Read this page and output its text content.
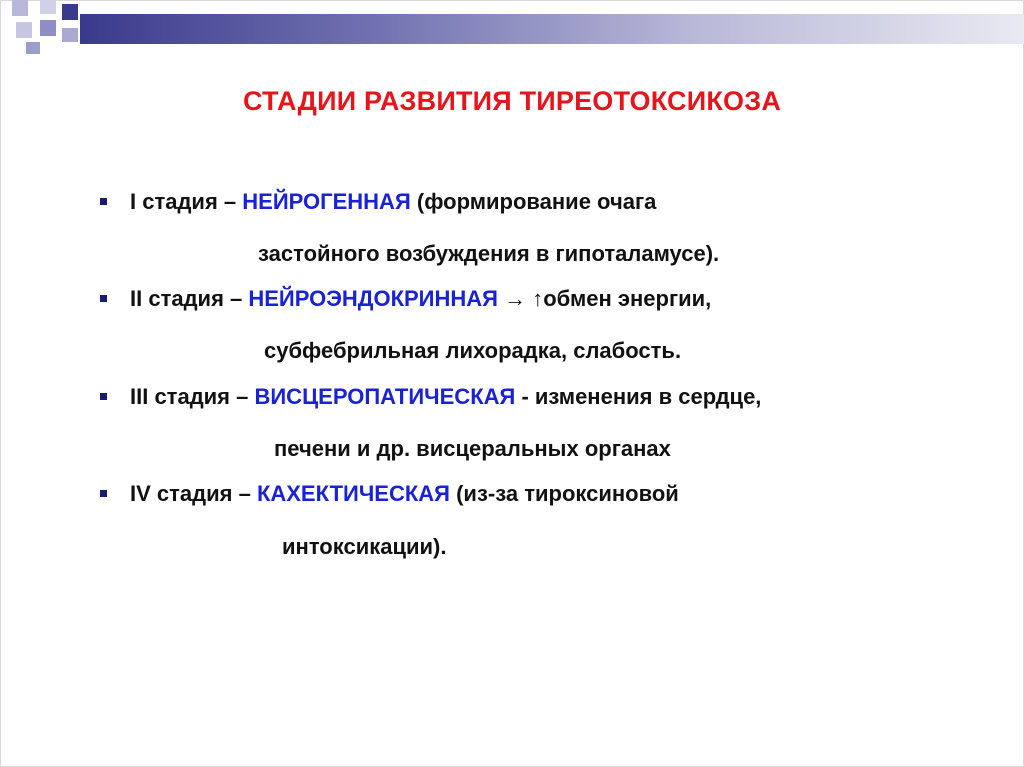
СТАДИИ РАЗВИТИЯ ТИРЕОТОКСИКОЗА
I стадия – НЕЙРОГЕННАЯ (формирование очага
застойного возбуждения в гипоталамусе).
II стадия – НЕЙРОЭНДОКРИННАЯ → ↑обмен энергии,
субфебрильная лихорадка, слабость.
III стадия – ВИСЦЕРОПАТИЧЕСКАЯ - изменения в сердце,
печени и др. висцеральных органах
IV стадия – КАХЕКТИЧЕСКАЯ (из-за тироксиновой
интоксикации).
